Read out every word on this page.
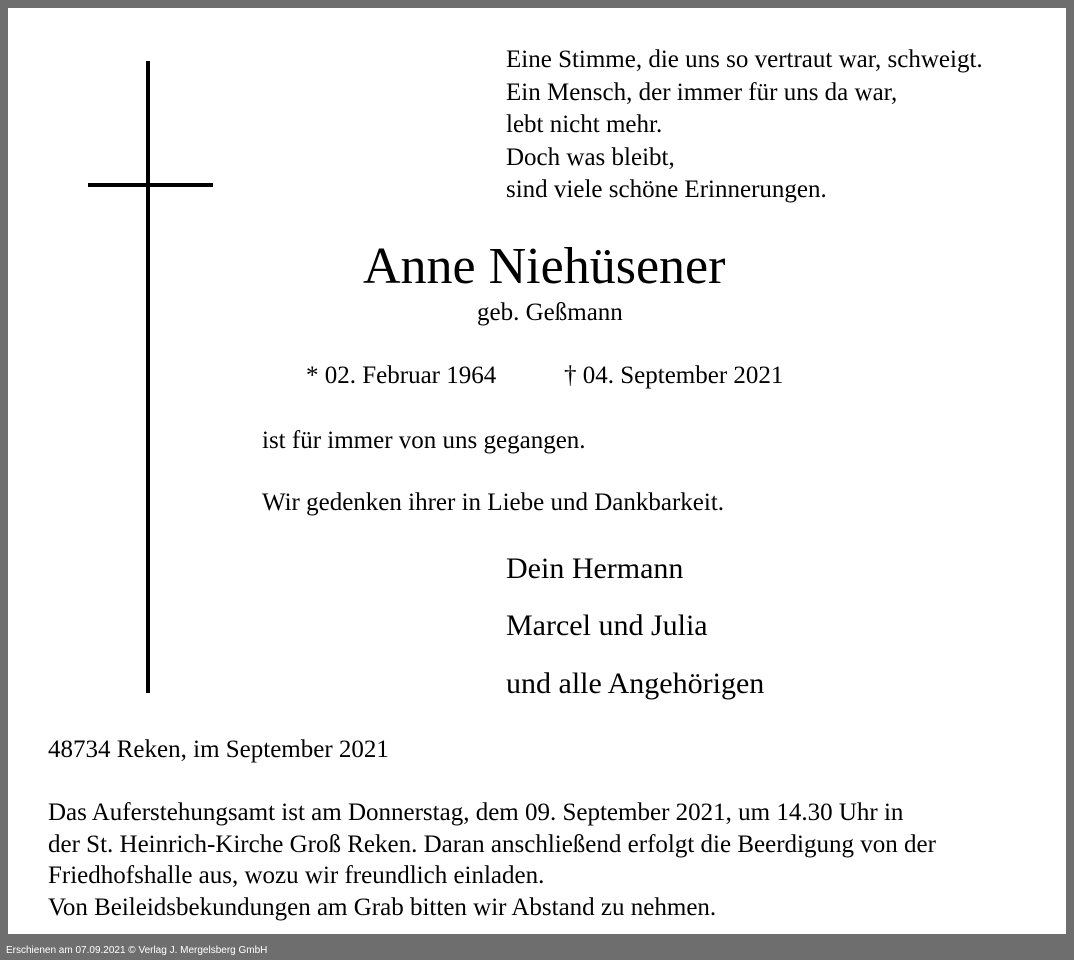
Eine Stimme, die uns so vertraut war, schweigt.
Ein Mensch, der immer für uns da war,
lebt nicht mehr.
Doch was bleibt,
sind viele schöne Erinnerungen.
Anne Niehüsener
geb. Geßmann
* 02. Februar 1964	† 04. September 2021
ist für immer von uns gegangen.
Wir gedenken ihrer in Liebe und Dankbarkeit.
Dein Hermann
Marcel und Julia
und alle Angehörigen
48734 Reken, im September 2021
Das Auferstehungsamt ist am Donnerstag, dem 09. September 2021, um 14.30 Uhr in
der St. Heinrich-Kirche Groß Reken. Daran anschließend erfolgt die Beerdigung von der
Friedhofshalle aus, wozu wir freundlich einladen.
Von Beileidsbekundungen am Grab bitten wir Abstand zu nehmen.
Erschienen am 07.09.2021 © Verlag J. Mergelsberg GmbH
